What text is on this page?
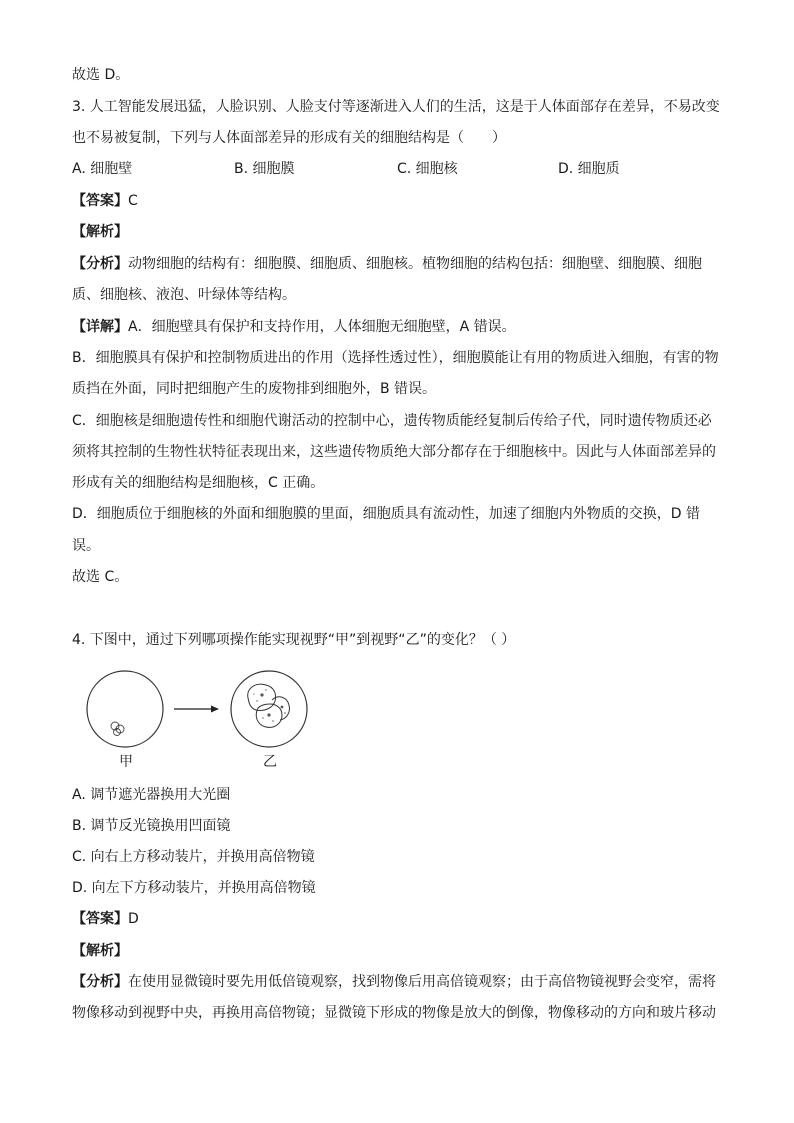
故选 D。
3. 人工智能发展迅猛，人脸识别、人脸支付等逐渐进入人们的生活，这是于人体面部存在差异，不易改变
也不易被复制，下列与人体面部差异的形成有关的细胞结构是（　　）
A. 细胞壁	B. 细胞膜	C. 细胞核	D. 细胞质
【答案】C
【解析】
【分析】动物细胞的结构有：细胞膜、细胞质、细胞核。植物细胞的结构包括：细胞壁、细胞膜、细胞
质、细胞核、液泡、叶绿体等结构。
【详解】A．细胞壁具有保护和支持作用，人体细胞无细胞壁，A 错误。
B．细胞膜具有保护和控制物质进出的作用（选择性透过性），细胞膜能让有用的物质进入细胞，有害的物
质挡在外面，同时把细胞产生的废物排到细胞外，B 错误。
C．细胞核是细胞遗传性和细胞代谢活动的控制中心，遗传物质能经复制后传给子代，同时遗传物质还必
须将其控制的生物性状特征表现出来，这些遗传物质绝大部分都存在于细胞核中。因此与人体面部差异的
形成有关的细胞结构是细胞核，C 正确。
D．细胞质位于细胞核的外面和细胞膜的里面，细胞质具有流动性，加速了细胞内外物质的交换，D 错
误。
故选 C。
4. 下图中，通过下列哪项操作能实现视野“甲”到视野“乙”的变化？（ ）
甲	乙
A. 调节遮光器换用大光圈
B. 调节反光镜换用凹面镜
C. 向右上方移动装片，并换用高倍物镜
D. 向左下方移动装片，并换用高倍物镜
【答案】D
【解析】
【分析】在使用显微镜时要先用低倍镜观察，找到物像后用高倍镜观察；由于高倍物镜视野会变窄，需将
物像移动到视野中央，再换用高倍物镜；显微镜下形成的物像是放大的倒像，物像移动的方向和玻片移动
